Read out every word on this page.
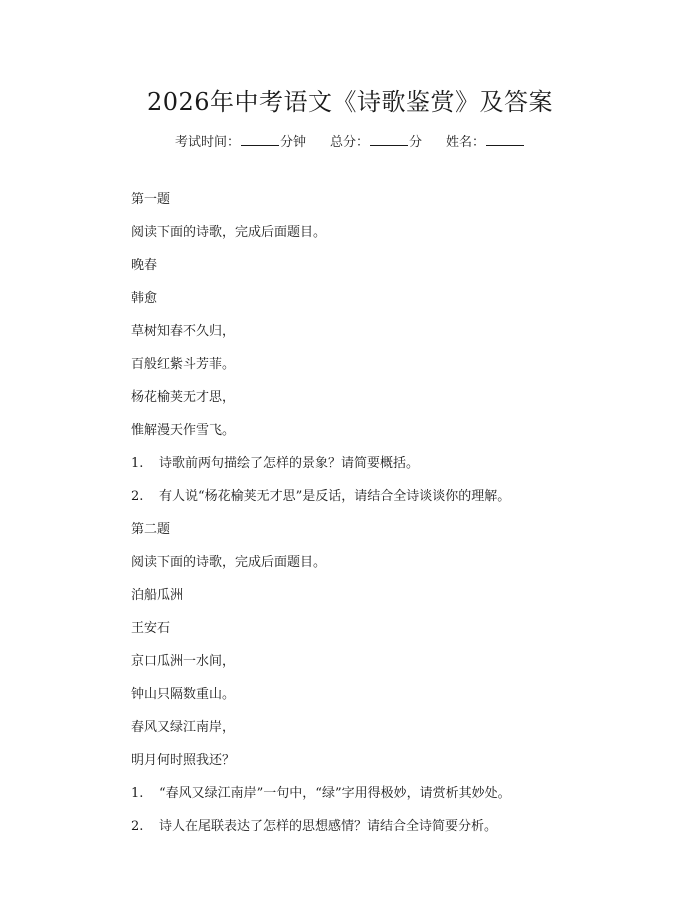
2026年中考语文《诗歌鉴赏》及答案
考试时间：	分钟 总分：	分 姓名：
第一题
阅读下面的诗歌，完成后面题目。
晚春
韩愈
草树知春不久归，
百般红紫斗芳菲。
杨花榆荚无才思，
惟解漫天作雪飞。
1.	诗歌前两句描绘了怎样的景象？请简要概括。
2.	有人说“杨花榆荚无才思”是反话，请结合全诗谈谈你的理解。
第二题
阅读下面的诗歌，完成后面题目。
泊船瓜洲
王安石
京口瓜洲一水间，
钟山只隔数重山。
春风又绿江南岸，
明月何时照我还？
1.	“春风又绿江南岸”一句中，“绿”字用得极妙，请赏析其妙处。
2.	诗人在尾联表达了怎样的思想感情？请结合全诗简要分析。
